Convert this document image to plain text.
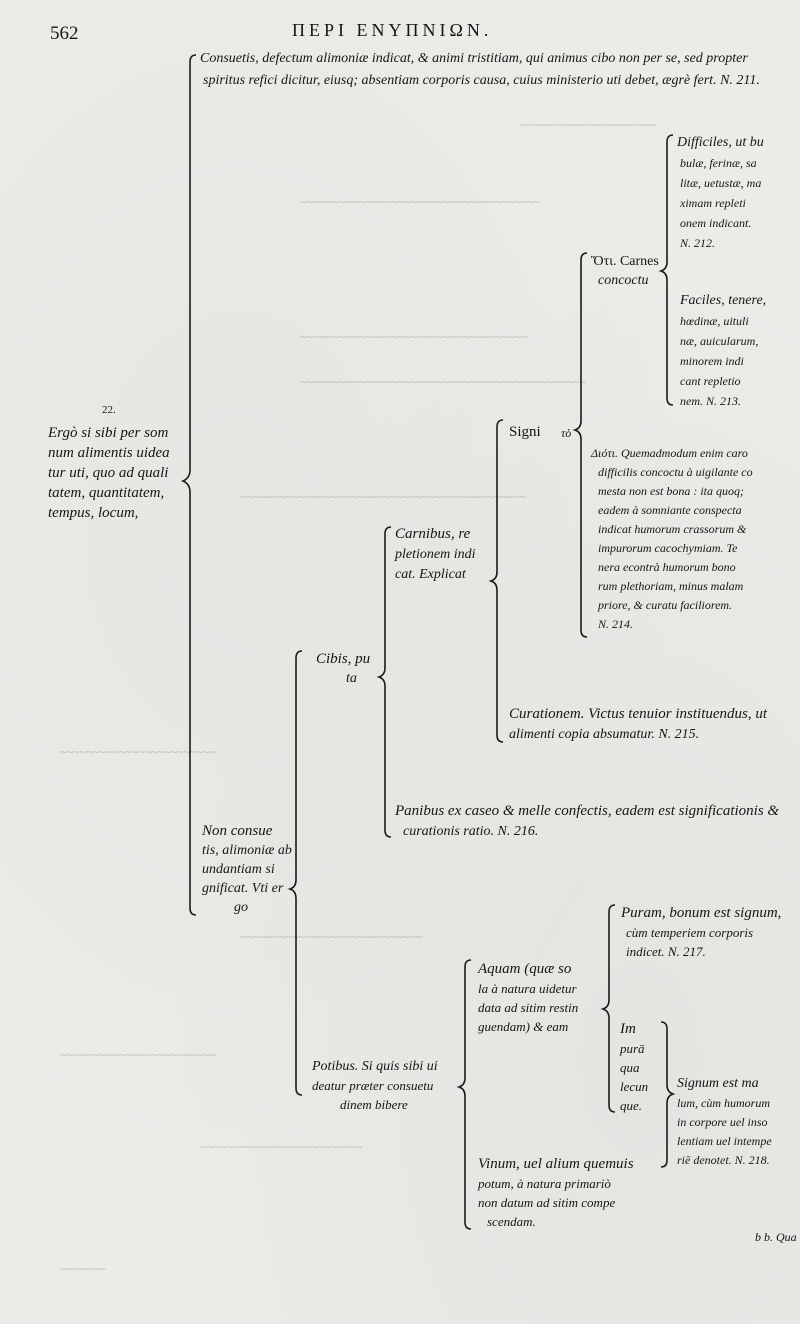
~~~~~~~~~~~~~~~~~~~~~
~~~~~~~~~~~~~~~~~~~~~~~~~~~~~~~~~~~~~
~~~~~~~~~~~~~~~~~~~~~~~~~~~~~~~~~~~
~~~~~~~~~~~~~~~~~~~~~~~~~~~~~~~~~~~~~~~~~~~~
~~~~~~~~~~~~~~~~~~~~~~~~~~~~~~~~~~~~~~~~~~~~
~~~~~~~~~~~~~~~~~~~~~~~~
~~~~~~~~~~~~~~~~~~~~~~~~~~~~
~~~~~~~~~~~~~~~~~~~~~~~~
~~~~~~~~~~~~~~~~~~~~~~~~~
~~~~~~~
562	ΠΕΡΙ ΕΝΥΠΝΙΩΝ.
22.
Ergò si sibi per som
num alimentis uidea
tur uti, quo ad quali
tatem, quantitatem,
tempus, locum,
Consuetis, defectum alimoniæ indicat, & animi tristitiam, qui animus cibo non per se, sed propter
spiritus refici dicitur, eiusq; absentiam corporis causa, cuius ministerio uti debet, ægrè fert. N. 211.
Non consue
tis, alimoniæ ab
undantiam si
gnificat. Vti er
go
Cibis, pu
ta
Carnibus, re
pletionem indi
cat. Explicat
Signi τὸ
Ὅτι. Carnes
concoctu
Difficiles, ut bu
bulæ, ferinæ, sa
litæ, uetustæ, ma
ximam repleti
onem indicant.
N. 212.
Faciles, tenere,
hœdinæ, uituli
næ, auicularum,
minorem indi
cant repletio
nem. N. 213.
Διότι. Quemadmodum enim caro
difficilis concoctu à uigilante co
mesta non est bona : ita quoq;
eadem à somniante conspecta
indicat humorum crassorum &
impurorum cacochymiam. Te
nera econtrà humorum bono
rum plethoriam, minus malam
priore, & curatu faciliorem.
N. 214.
Curationem. Victus tenuior instituendus, ut
alimenti copia absumatur. N. 215.
Panibus ex caseo & melle confectis, eadem est significationis &
curationis ratio. N. 216.
Potibus. Si quis sibi ui
deatur præter consuetu
dinem bibere
Aquam (quæ so
la à natura uidetur
data ad sitim restin
guendam) & eam
Puram, bonum est signum,
cùm temperiem corporis
indicet. N. 217.
Im
purā
qua
lecun
que.
Signum est ma
lum, cùm humorum
in corpore uel inso
lentiam uel intempe
riē denotet. N. 218.
Vinum, uel alium quemuis
potum, à natura primariò
non datum ad sitim compe
scendam.
b b. Qua
